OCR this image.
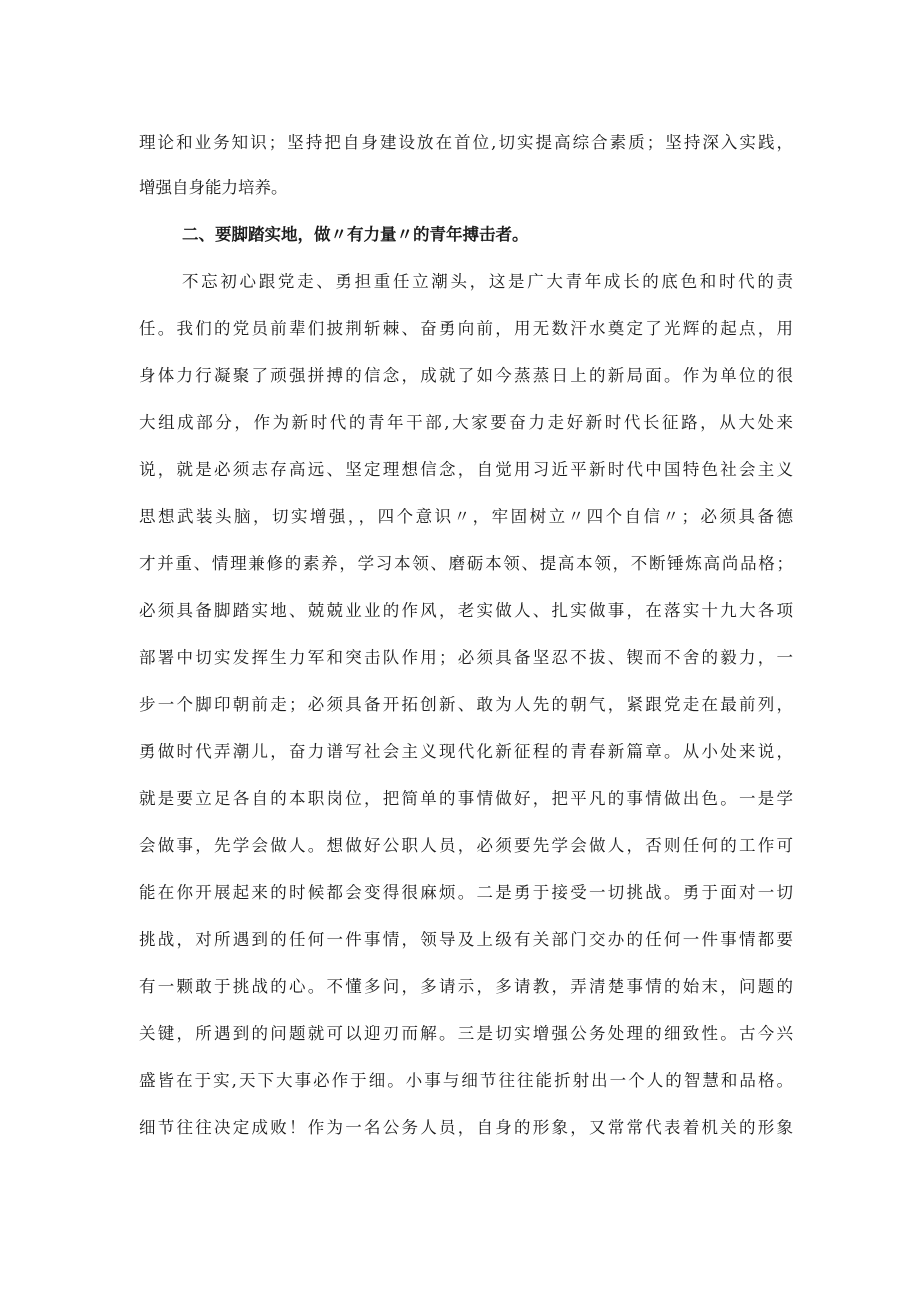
理论和业务知识；坚持把自身建设放在首位,切实提高综合素质；坚持深入实践，
增强自身能力培养。
二、要脚踏实地，做〃有力量〃的青年搏击者。
不忘初心跟党走、勇担重任立潮头，这是广大青年成长的底色和时代的责
任。我们的党员前辈们披荆斩棘、奋勇向前，用无数汗水奠定了光辉的起点，用
身体力行凝聚了顽强拼搏的信念，成就了如今蒸蒸日上的新局面。作为单位的很
大组成部分，作为新时代的青年干部,大家要奋力走好新时代长征路，从大处来
说，就是必须志存高远、坚定理想信念，自觉用习近平新时代中国特色社会主义
思想武装头脑，切实增强，，四个意识〃，牢固树立〃四个自信〃；必须具备德
才并重、情理兼修的素养，学习本领、磨砺本领、提高本领，不断锤炼高尚品格；
必须具备脚踏实地、兢兢业业的作风，老实做人、扎实做事，在落实十九大各项
部署中切实发挥生力军和突击队作用；必须具备坚忍不拔、锲而不舍的毅力，一
步一个脚印朝前走；必须具备开拓创新、敢为人先的朝气，紧跟党走在最前列，
勇做时代弄潮儿，奋力谱写社会主义现代化新征程的青春新篇章。从小处来说，
就是要立足各自的本职岗位，把简单的事情做好，把平凡的事情做出色。一是学
会做事，先学会做人。想做好公职人员，必须要先学会做人，否则任何的工作可
能在你开展起来的时候都会变得很麻烦。二是勇于接受一切挑战。勇于面对一切
挑战，对所遇到的任何一件事情，领导及上级有关部门交办的任何一件事情都要
有一颗敢于挑战的心。不懂多问，多请示，多请教，弄清楚事情的始末，问题的
关键，所遇到的问题就可以迎刃而解。三是切实增强公务处理的细致性。古今兴
盛皆在于实,天下大事必作于细。小事与细节往往能折射出一个人的智慧和品格。
细节往往决定成败！作为一名公务人员，自身的形象，又常常代表着机关的形象
